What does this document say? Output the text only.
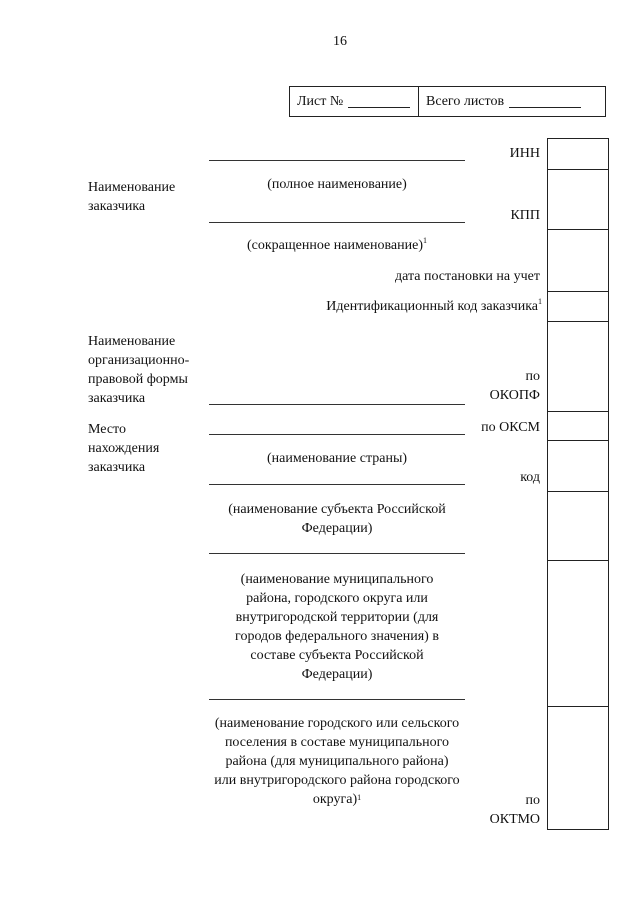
16
Лист №	Всего листов
Наименование заказчика
Наименование организационно-правовой формы заказчика
Место нахождения заказчика
(полное наименование)
(сокращенное наименование)$^1$
(наименование страны)
(наименование субъекта Российской Федерации)
(наименование муниципального района, городского округа или внутригородской территории (для городов федерального значения) в составе субъекта Российской Федерации)
(наименование городского или сельского поселения в составе муниципального района (для муниципального района) или внутригородского района городского округа)$^1$
ИНН
КПП
дата постановки на учет
Идентификационный код заказчика$^1$
по
ОКОПФ
по ОКСМ
код
по
ОКТМО
